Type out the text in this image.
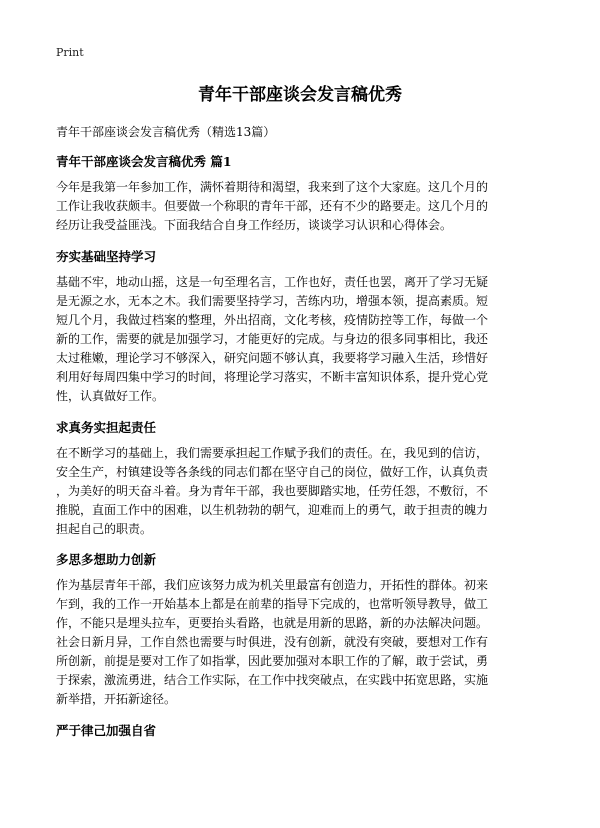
Print
青年干部座谈会发言稿优秀

青年干部座谈会发言稿优秀（精选13篇）

青年干部座谈会发言稿优秀 篇1

今年是我第一年参加工作，满怀着期待和渴望，我来到了这个大家庭。这几个月的
工作让我收获颇丰。但要做一个称职的青年干部，还有不少的路要走。这几个月的
经历让我受益匪浅。下面我结合自身工作经历，谈谈学习认识和心得体会。

夯实基础坚持学习

基础不牢，地动山摇，这是一句至理名言，工作也好，责任也罢，离开了学习无疑
是无源之水，无本之木。我们需要坚持学习，苦练内功，增强本领，提高素质。短
短几个月，我做过档案的整理，外出招商，文化考核，疫情防控等工作，每做一个
新的工作，需要的就是加强学习，才能更好的完成。与身边的很多同事相比，我还
太过稚嫩，理论学习不够深入，研究问题不够认真，我要将学习融入生活，珍惜好
利用好每周四集中学习的时间，将理论学习落实，不断丰富知识体系，提升党心党
性，认真做好工作。

求真务实担起责任

在不断学习的基础上，我们需要承担起工作赋予我们的责任。在，我见到的信访，
安全生产，村镇建设等各条线的同志们都在坚守自己的岗位，做好工作，认真负责
，为美好的明天奋斗着。身为青年干部，我也要脚踏实地，任劳任怨，不敷衍，不
推脱，直面工作中的困难，以生机勃勃的朝气，迎难而上的勇气，敢于担责的魄力
担起自己的职责。

多思多想助力创新

作为基层青年干部，我们应该努力成为机关里最富有创造力，开拓性的群体。初来
乍到，我的工作一开始基本上都是在前辈的指导下完成的，也常听领导教导，做工
作，不能只是埋头拉车，更要抬头看路，也就是用新的思路，新的办法解决问题。
社会日新月异，工作自然也需要与时俱进，没有创新，就没有突破，要想对工作有
所创新，前提是要对工作了如指掌，因此要加强对本职工作的了解，敢于尝试，勇
于探索，激流勇进，结合工作实际，在工作中找突破点，在实践中拓宽思路，实施
新举措，开拓新途径。

严于律己加强自省
